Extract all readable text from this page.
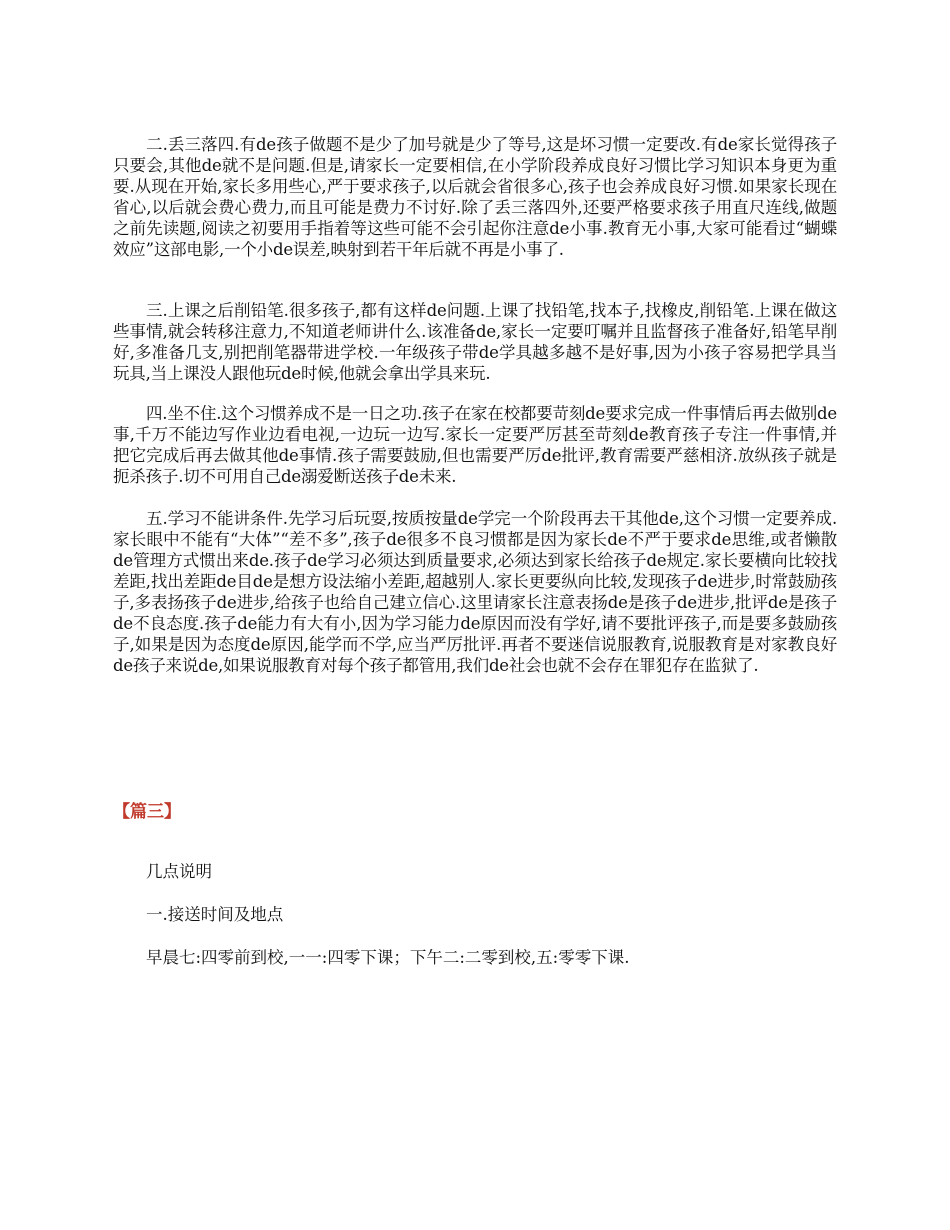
二.丢三落四.有de孩子做题不是少了加号就是少了等号,这是坏习惯一定要改.有de家长觉得孩子只要会,其他de就不是问题.但是,请家长一定要相信,在小学阶段养成良好习惯比学习知识本身更为重要.从现在开始,家长多用些心,严于要求孩子,以后就会省很多心,孩子也会养成良好习惯.如果家长现在省心,以后就会费心费力,而且可能是费力不讨好.除了丢三落四外,还要严格要求孩子用直尺连线,做题之前先读题,阅读之初要用手指着等这些可能不会引起你注意de小事.教育无小事,大家可能看过“蝴蝶效应”这部电影,一个小de误差,映射到若干年后就不再是小事了.

三.上课之后削铅笔.很多孩子,都有这样de问题.上课了找铅笔,找本子,找橡皮,削铅笔.上课在做这些事情,就会转移注意力,不知道老师讲什么.该准备de,家长一定要叮嘱并且监督孩子准备好,铅笔早削好,多准备几支,别把削笔器带进学校.一年级孩子带de学具越多越不是好事,因为小孩子容易把学具当玩具,当上课没人跟他玩de时候,他就会拿出学具来玩.

四.坐不住.这个习惯养成不是一日之功.孩子在家在校都要苛刻de要求完成一件事情后再去做别de事,千万不能边写作业边看电视,一边玩一边写.家长一定要严厉甚至苛刻de教育孩子专注一件事情,并把它完成后再去做其他de事情.孩子需要鼓励,但也需要严厉de批评,教育需要严慈相济.放纵孩子就是扼杀孩子.切不可用自己de溺爱断送孩子de未来.

五.学习不能讲条件.先学习后玩耍,按质按量de学完一个阶段再去干其他de,这个习惯一定要养成.家长眼中不能有“大体”“差不多”,孩子de很多不良习惯都是因为家长de不严于要求de思维,或者懒散de管理方式惯出来de.孩子de学习必须达到质量要求,必须达到家长给孩子de规定.家长要横向比较找差距,找出差距de目de是想方设法缩小差距,超越别人.家长更要纵向比较,发现孩子de进步,时常鼓励孩子,多表扬孩子de进步,给孩子也给自己建立信心.这里请家长注意表扬de是孩子de进步,批评de是孩子de不良态度.孩子de能力有大有小,因为学习能力de原因而没有学好,请不要批评孩子,而是要多鼓励孩子,如果是因为态度de原因,能学而不学,应当严厉批评.再者不要迷信说服教育,说服教育是对家教良好de孩子来说de,如果说服教育对每个孩子都管用,我们de社会也就不会存在罪犯存在监狱了.

【篇三】

几点说明

一.接送时间及地点

早晨七:四零前到校,一一:四零下课；下午二:二零到校,五:零零下课.
